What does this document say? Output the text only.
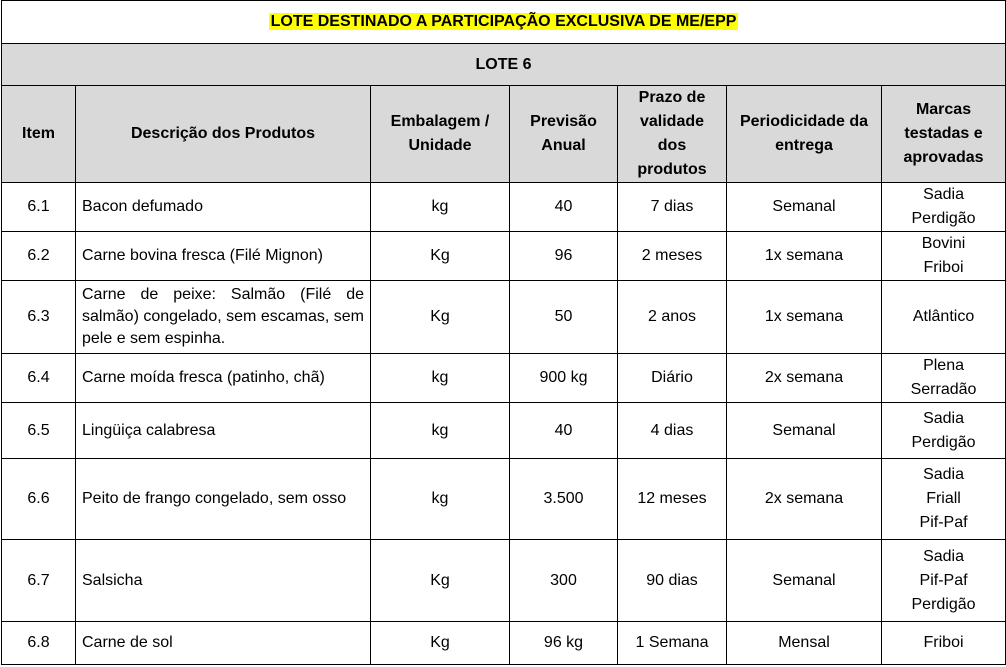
LOTE DESTINADO A PARTICIPAÇÃO EXCLUSIVA DE ME/EPP						
LOTE 6						
Item	Descrição dos Produtos	Embalagem / Unidade	Previsão Anual	Prazo de validade dos produtos	Periodicidade da entrega	Marcas testadas e aprovadas
6.1	Bacon defumado	kg	40	7 dias	Semanal	Sadia
Perdigão

6.2	Carne bovina fresca (Filé Mignon)	Kg	96	2 meses	1x semana	Bovini
Friboi

6.3	Carne de peixe: Salmão (Filé de salmão) congelado, sem escamas, sem pele e sem espinha.	Kg	50	2 anos	1x semana	Atlântico

6.4	Carne moída fresca (patinho, chã)	kg	900 kg	Diário	2x semana	Plena
Serradão

6.5	Lingüiça calabresa	kg	40	4 dias	Semanal	Sadia
Perdigão

6.6	Peito de frango congelado, sem osso	kg	3.500	12 meses	2x semana	Sadia
Friall
Pif-Paf

6.7	Salsicha	Kg	300	90 dias	Semanal	Sadia
Pif-Paf
Perdigão

6.8	Carne de sol	Kg	96 kg	1 Semana	Mensal	Friboi
